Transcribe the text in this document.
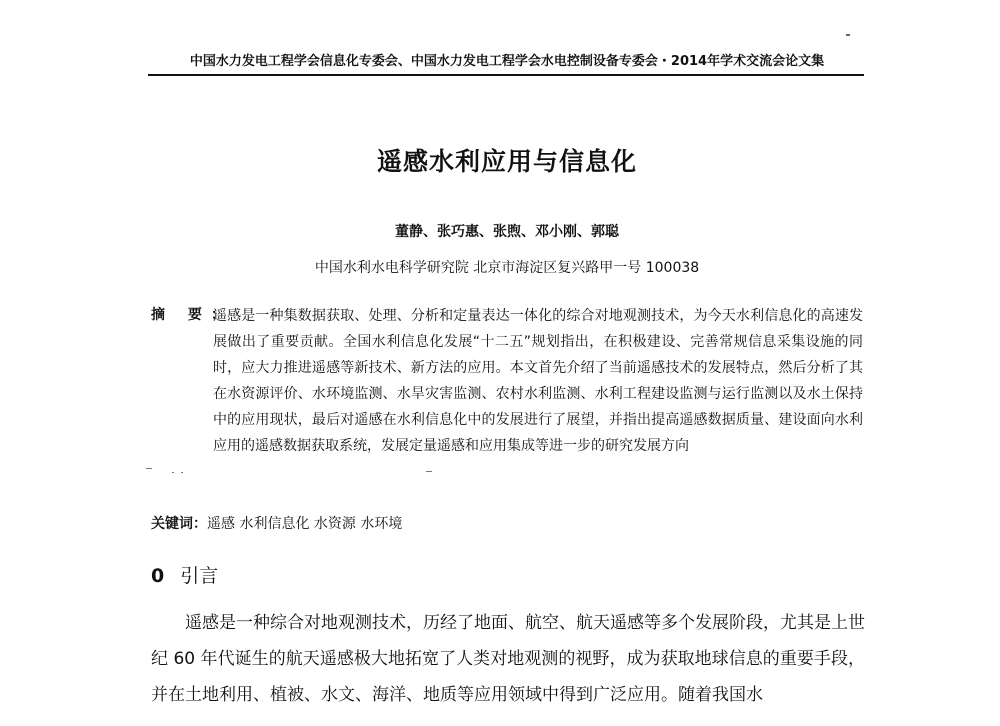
中国水力发电工程学会信息化专委会、中国水力发电工程学会水电控制设备专委会・2014年学术交流会论文集
遥感水利应用与信息化
董静、张巧惠、张煦、邓小刚、郭聪
中国水利水电科学研究院 北京市海淀区复兴路甲一号 100038
摘 要：
遥感是一种集数据获取、处理、分析和定量表达一体化的综合对地观测技术，为今天水利信息化的高速发展做出了重要贡献。全国水利信息化发展“十二五”规划指出，在积极建设、完善常规信息采集设施的同时，应大力推进遥感等新技术、新方法的应用。本文首先介绍了当前遥感技术的发展特点，然后分析了其在水资源评价、水环境监测、水旱灾害监测、农村水利监测、水利工程建设监测与运行监测以及水土保持中的应用现状，最后对遥感在水利信息化中的发展进行了展望，并指出提高遥感数据质量、建设面向水利应用的遥感数据获取系统，发展定量遥感和应用集成等进一步的研究发展方向
关键词：遥感 水利信息化 水资源 水环境
0 引言
遥感是一种综合对地观测技术，历经了地面、航空、航天遥感等多个发展阶段，尤其是上世纪 60 年代诞生的航天遥感极大地拓宽了人类对地观测的视野，成为获取地球信息的重要手段，并在土地利用、植被、水文、海洋、地质等应用领域中得到广泛应用。随着我国水
